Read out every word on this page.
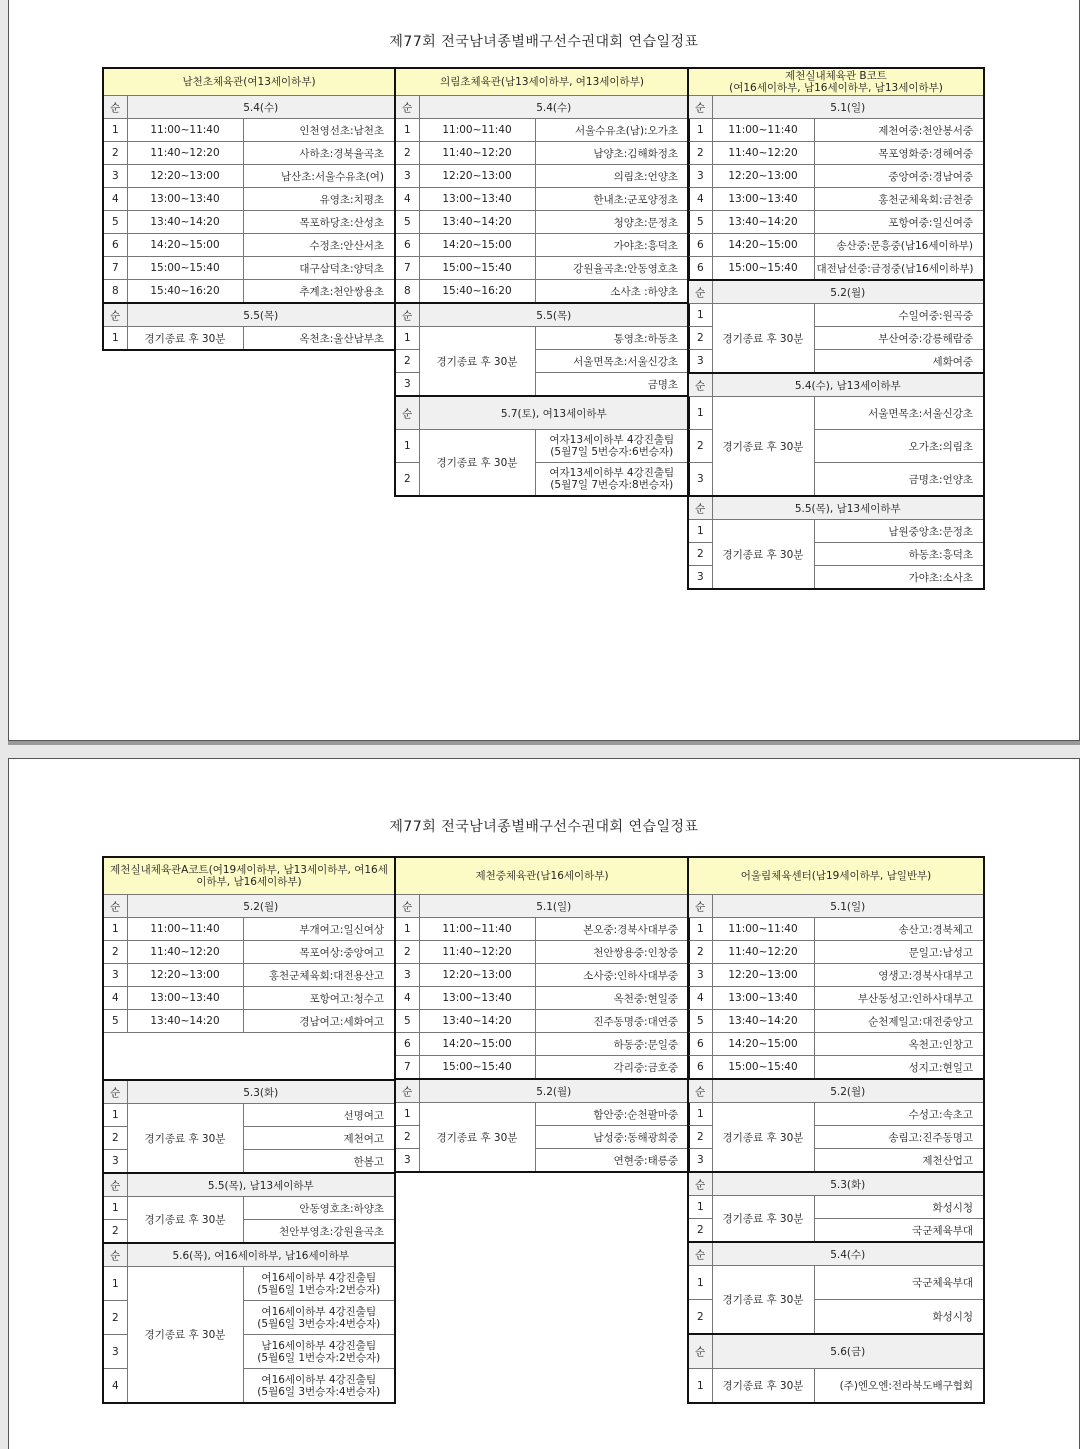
제77회 전국남녀종별배구선수권대회 연습일정표
남천초체육관(여13세이하부)		
순	5.4(수)	
1	11:00~11:40	인천영선초:남천초
2	11:40~12:20	사하초:경북율곡초
3	12:20~13:00	남산초:서울수유초(여)
4	13:00~13:40	유영초:치평초
5	13:40~14:20	목포하당초:산성초
6	14:20~15:00	수정초:안산서초
7	15:00~15:40	대구삼덕초:양덕초
8	15:40~16:20	추계초:천안쌍용초
순	5.5(목)	
1	경기종료 후 30분	옥천초:울산남부초
의림초체육관(남13세이하부, 여13세이하부)		
순	5.4(수)	
1	11:00~11:40	서울수유초(남):오가초
2	11:40~12:20	남양초:김해화정초
3	12:20~13:00	의림초:언양초
4	13:00~13:40	한내초:군포양정초
5	13:40~14:20	청양초:문정초
6	14:20~15:00	가야초:흥덕초
7	15:00~15:40	강원율곡초:안동영호초
8	15:40~16:20	소사초 :하양초
순	5.5(목)	
1	경기종료 후 30분	통영초:하동초
2		서울면목초:서울신강초
3		금명초
순	5.7(토), 여13세이하부	
1	경기종료 후 30분	여자13세이하부 4강진출팀
(5월7일 5번승자:6번승자)
2		여자13세이하부 4강진출팀
(5월7일 7번승자:8번승자)
제천실내체육관 B코트
(여16세이하부, 남16세이하부, 남13세이하부)		
순	5.1(일)	
1	11:00~11:40	제천여중:천안봉서중
2	11:40~12:20	목포영화중:경해여중
3	12:20~13:00	중앙여중:경남여중
4	13:00~13:40	홍천군체육회:금천중
5	13:40~14:20	포항여중:일신여중
6	14:20~15:00	송산중:문흥중(남16세이하부)
6	15:00~15:40	대전남선중:금정중(남16세이하부)
순	5.2(월)	
1	경기종료 후 30분	수일여중:원곡중
2		부산여중:강릉해람중
3		세화여중
순	5.4(수), 남13세이하부	
1	경기종료 후 30분	서울면목초:서울신강초
2		오가초:의림초
3		금명초:언양초
순	5.5(목), 남13세이하부	
1	경기종료 후 30분	남원중앙초:문정초
2		하동초:흥덕초
3		가야초:소사초
제77회 전국남녀종별배구선수권대회 연습일정표
제천실내체육관A코트(여19세이하부, 남13세이하부, 여16세이하부, 남16세이하부)		
순	5.2(월)	
1	11:00~11:40	부개여고:일신여상
2	11:40~12:20	목포여상:중앙여고
3	12:20~13:00	홍천군체육회:대전용산고
4	13:00~13:40	포항여고:청수고
5	13:40~14:20	경남여고:세화여고

순	5.3(화)	
1	경기종료 후 30분	선명여고
2		제천여고
3		한봄고
순	5.5(목), 남13세이하부	
1	경기종료 후 30분	안동영호초:하양초
2		천안부영초:강원율곡초
순	5.6(목), 여16세이하부, 남16세이하부	
1	경기종료 후 30분	여16세이하부 4강진출팀
(5월6일 1번승자:2번승자)
2		여16세이하부 4강진출팀
(5월6일 3번승자:4번승자)
3		남16세이하부 4강진출팀
(5월6일 1번승자:2번승자)
4		여16세이하부 4강진출팀
(5월6일 3번승자:4번승자)
제천중체육관(남16세이하부)		
순	5.1(일)	
1	11:00~11:40	본오중:경북사대부중
2	11:40~12:20	천안쌍용중:인창중
3	12:20~13:00	소사중:인하사대부중
4	13:00~13:40	옥천중:현일중
5	13:40~14:20	진주동명중:대연중
6	14:20~15:00	하동중:문일중
7	15:00~15:40	각리중:금호중
순	5.2(월)	
1	경기종료 후 30분	함안중:순천팔마중
2		남성중:동해광희중
3		연현중:태릉중
어울림체육센터(남19세이하부, 남일반부)		
순	5.1(일)	
1	11:00~11:40	송산고:경북체고
2	11:40~12:20	문일고:남성고
3	12:20~13:00	영생고:경북사대부고
4	13:00~13:40	부산동성고:인하사대부고
5	13:40~14:20	순천제일고:대전중앙고
6	14:20~15:00	옥천고:인창고
6	15:00~15:40	성지고:현일고
순	5.2(월)	
1	경기종료 후 30분	수성고:속초고
2		송림고:진주동명고
3		제천산업고
순	5.3(화)	
1	경기종료 후 30분	화성시청
2		국군체육부대
순	5.4(수)	
1	경기종료 후 30분	국군체육부대
2		화성시청
순	5.6(금)	
1	경기종료 후 30분	(주)엔오엔:전라북도배구협회
